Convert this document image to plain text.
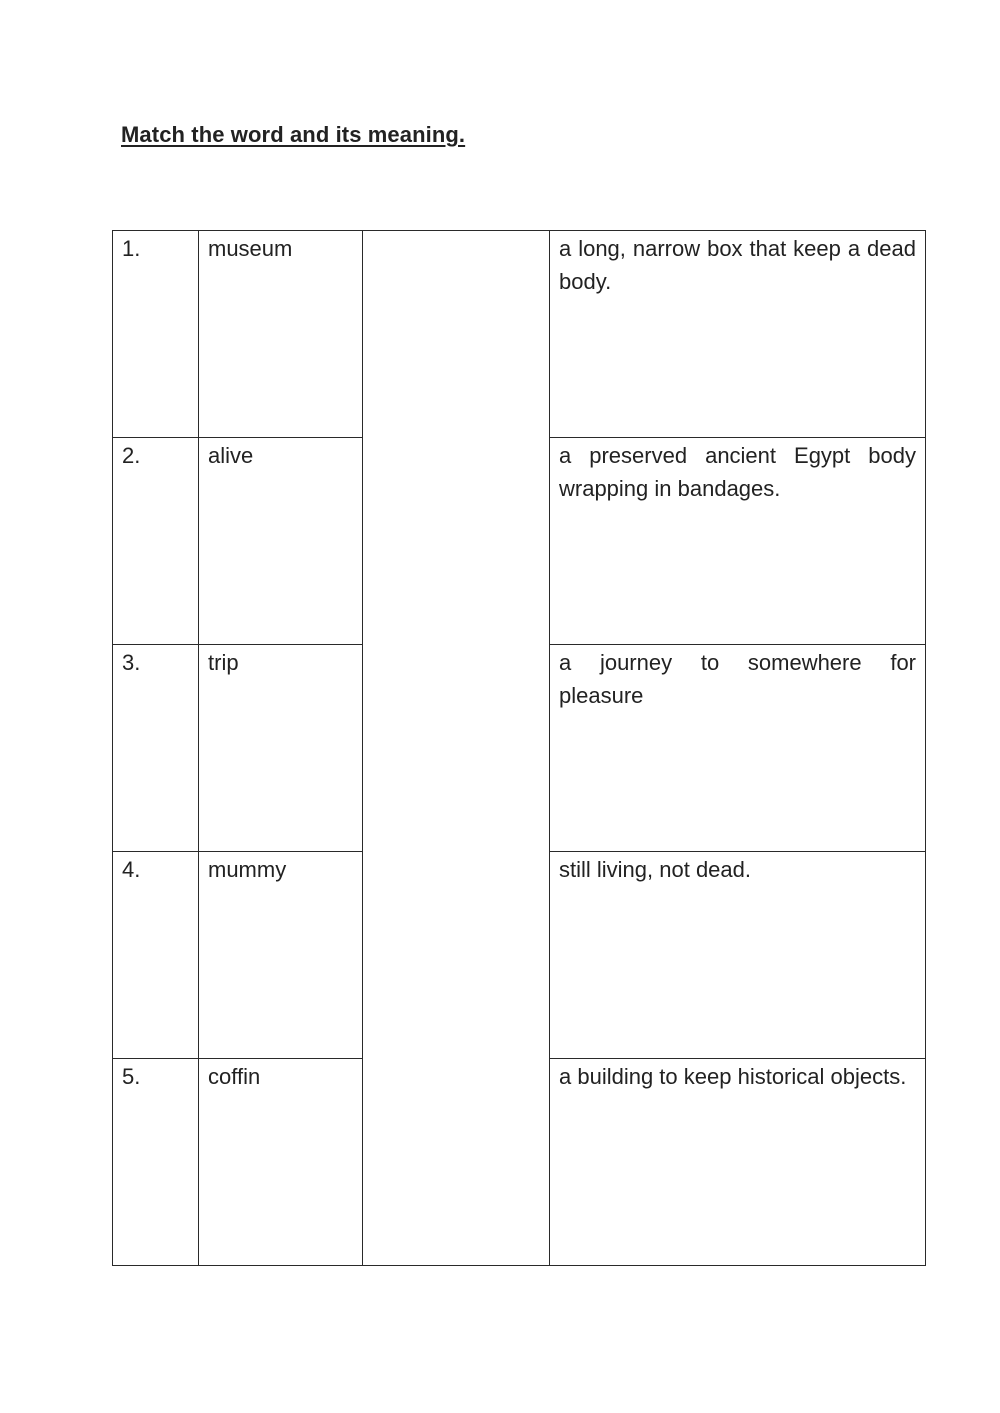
Match the word and its meaning.
1.	museum		a long, narrow box that keep a dead body.

2.	alive		a preserved ancient Egypt body wrapping in bandages.

3.	trip		a journey to somewhere for pleasure

4.	mummy		still living, not dead.

5.	coffin		a building to keep historical objects.
